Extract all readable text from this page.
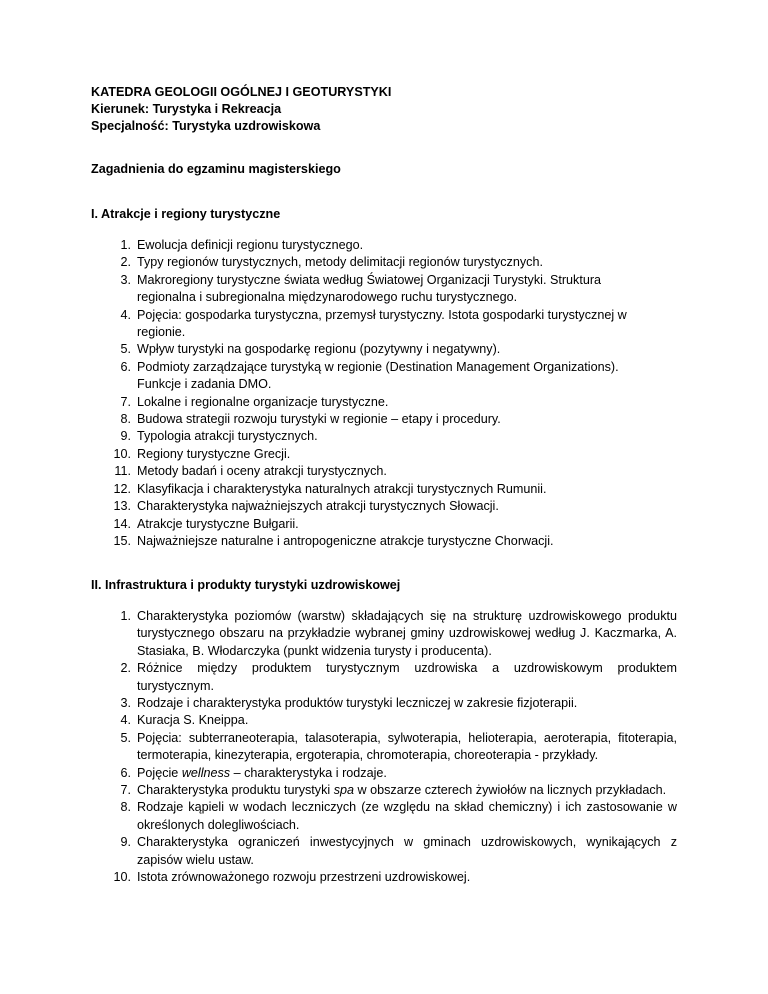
KATEDRA GEOLOGII OGÓLNEJ I GEOTURYSTYKI
Kierunek: Turystyka i Rekreacja
Specjalność: Turystyka uzdrowiskowa
Zagadnienia do egzaminu magisterskiego
I. Atrakcje i regiony turystyczne
1. Ewolucja definicji regionu turystycznego.
2. Typy regionów turystycznych, metody delimitacji regionów turystycznych.
3. Makroregiony turystyczne świata według Światowej Organizacji Turystyki. Struktura regionalna i subregionalna międzynarodowego ruchu turystycznego.
4. Pojęcia: gospodarka turystyczna, przemysł turystyczny. Istota gospodarki turystycznej w regionie.
5. Wpływ turystyki na gospodarkę regionu (pozytywny i negatywny).
6. Podmioty zarządzające turystyką w regionie (Destination Management Organizations). Funkcje i zadania DMO.
7. Lokalne i regionalne organizacje turystyczne.
8. Budowa strategii rozwoju turystyki w regionie – etapy i procedury.
9. Typologia atrakcji turystycznych.
10. Regiony turystyczne Grecji.
11. Metody badań i oceny atrakcji turystycznych.
12. Klasyfikacja i charakterystyka naturalnych atrakcji turystycznych Rumunii.
13. Charakterystyka najważniejszych atrakcji turystycznych Słowacji.
14. Atrakcje turystyczne Bułgarii.
15. Najważniejsze naturalne i antropogeniczne atrakcje turystyczne Chorwacji.
II. Infrastruktura i produkty turystyki uzdrowiskowej
1. Charakterystyka poziomów (warstw) składających się na strukturę uzdrowiskowego produktu turystycznego obszaru na przykładzie wybranej gminy uzdrowiskowej według J. Kaczmarka, A. Stasiaka, B. Włodarczyka (punkt widzenia turysty i producenta).
2. Różnice między produktem turystycznym uzdrowiska a uzdrowiskowym produktem turystycznym.
3. Rodzaje i charakterystyka produktów turystyki leczniczej w zakresie fizjoterapii.
4. Kuracja S. Kneippa.
5. Pojęcia: subterraneoterapia, talasoterapia, sylwoterapia, helioterapia, aeroterapia, fitoterapia, termoterapia, kinezyterapia, ergoterapia, chromoterapia, choreoterapia - przykłady.
6. Pojęcie wellness – charakterystyka i rodzaje.
7. Charakterystyka produktu turystyki spa w obszarze czterech żywiołów na licznych przykładach.
8. Rodzaje kąpieli w wodach leczniczych (ze względu na skład chemiczny) i ich zastosowanie w określonych dolegliwościach.
9. Charakterystyka ograniczeń inwestycyjnych w gminach uzdrowiskowych, wynikających z zapisów wielu ustaw.
10. Istota zrównoważonego rozwoju przestrzeni uzdrowiskowej.
